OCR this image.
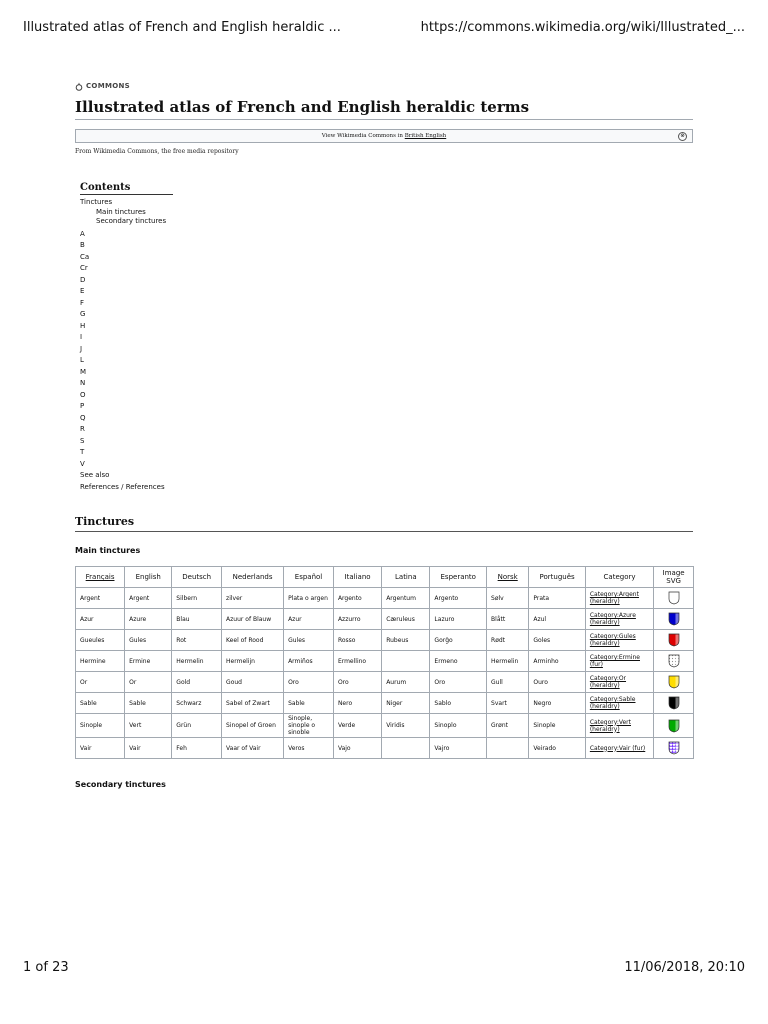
Illustrated atlas of French and English heraldic ...	https://commons.wikimedia.org/wiki/Illustrated_...
COMMONS
Illustrated atlas of French and English heraldic terms
View Wikimedia Commons in British English	⊗
From Wikimedia Commons, the free media repository
Contents
Tinctures
Main tinctures
Secondary tinctures
A
B
Ca
Cr
D
E
F
G
H
I
J
L
M
N
O
P
Q
R
S
T
V
See also
References / References
Tinctures
Main tinctures
Français	English	Deutsch	Nederlands	Español	Italiano	Latina	Esperanto	Norsk	Português	Category	Image SVG
Argent	Argent	Silbern	zilver	Plata o argen	Argento	Argentum	Argento	Sølv	Prata	Category:Argent (heraldry)	

Azur	Azure	Blau	Azuur of Blauw	Azur	Azzurro	Cæruleus	Lazuro	Blått	Azul	Category:Azure (heraldry)	

Gueules	Gules	Rot	Keel of Rood	Gules	Rosso	Rubeus	Gorĝo	Rødt	Goles	Category:Gules (heraldry)	

Hermine	Ermine	Hermelin	Hermelijn	Armiños	Ermellino		Ermeno	Hermelin	Arminho	Category:Ermine (fur)	

Or	Or	Gold	Goud	Oro	Oro	Aurum	Oro	Gull	Ouro	Category:Or (heraldry)	

Sable	Sable	Schwarz	Sabel of Zwart	Sable	Nero	Niger	Sablo	Svart	Negro	Category:Sable (heraldry)	

Sinople	Vert	Grün	Sinopel of Groen	Sinople, sinople o sinoble	Verde	Viridis	Sinoplo	Grønt	Sinople	Category:Vert (heraldry)	

Vair	Vair	Feh	Vaar of Vair	Veros	Vajo		Vajro		Veirado	Category:Vair (fur)	
Secondary tinctures
1 of 23	11/06/2018, 20:10
